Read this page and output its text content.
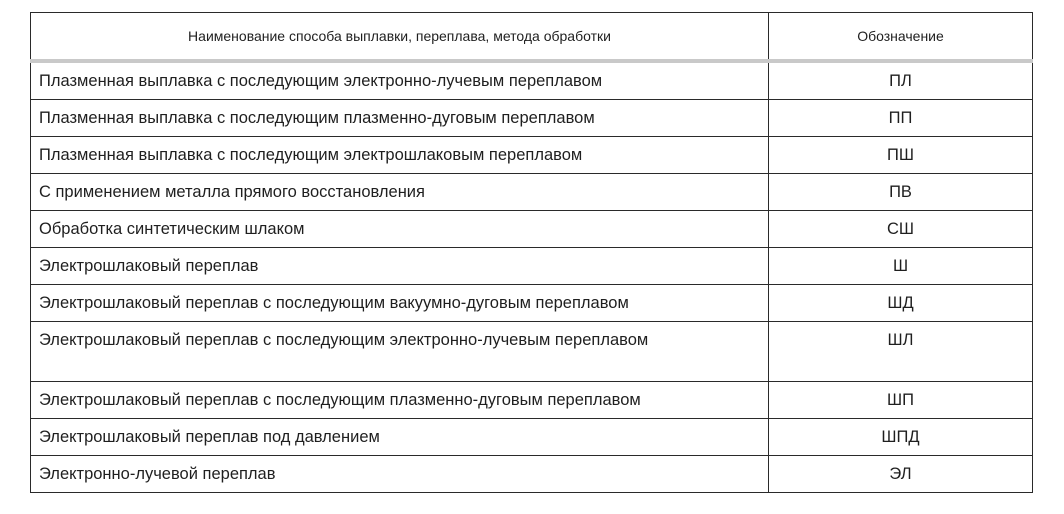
Наименование способа выплавки, переплава, метода обработки	Обозначение
Плазменная выплавка с последующим электронно-лучевым переплавом	ПЛ
Плазменная выплавка с последующим плазменно-дуговым переплавом	ПП
Плазменная выплавка с последующим электрошлаковым переплавом	ПШ
С применением металла прямого восстановления	ПВ
Обработка синтетическим шлаком	СШ
Электрошлаковый переплав	Ш
Электрошлаковый переплав с последующим вакуумно-дуговым переплавом	ШД
Электрошлаковый переплав с последующим электронно-лучевым переплавом	ШЛ
Электрошлаковый переплав с последующим плазменно-дуговым переплавом	ШП
Электрошлаковый переплав под давлением	ШПД
Электронно-лучевой переплав	ЭЛ
